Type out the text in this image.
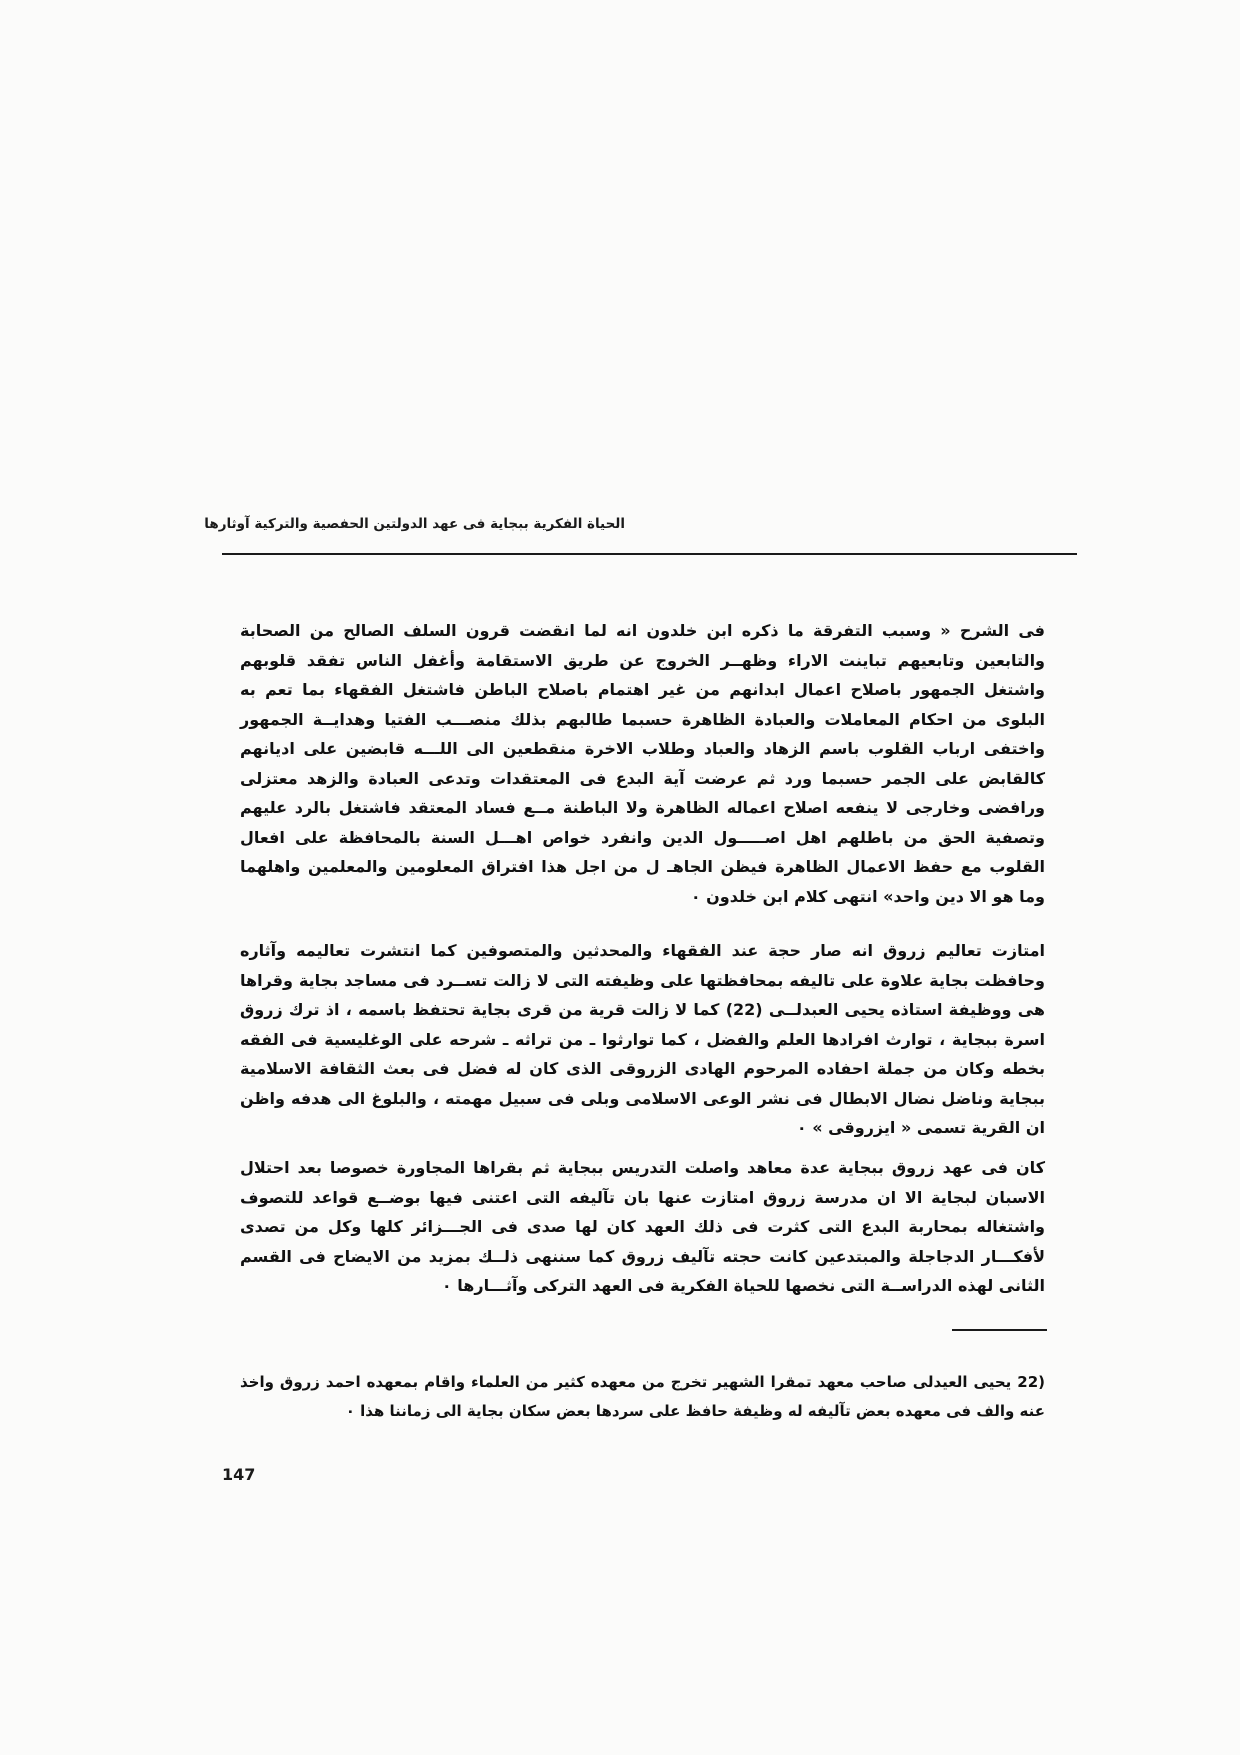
الحياة الفكرية ببجاية فى عهد الدولتين الحفصية والتركية آوثارها

فى الشرح « وسبب التفرقة ما ذكره ابن خلدون انه لما انقضت قرون السلف الصالح من الصحابة والتابعين وتابعيهم تباينت الاراء وظهــر الخروج عن طريق الاستقامة وأغفل الناس تفقد قلوبهم واشتغل الجمهور باصلاح اعمال ابدانهم من غير اهتمام باصلاح الباطن فاشتغل الفقهاء بما تعم به البلوى من احكام المعاملات والعبادة الظاهرة حسبما طالبهم بذلك منصـــب الفتيا وهدايــة الجمهور واختفى ارباب القلوب باسم الزهاد والعباد وطلاب الاخرة منقطعين الى اللـــه قابضين على اديانهم كالقابض على الجمر حسبما ورد ثم عرضت آية البدع فى المعتقدات وتدعى العبادة والزهد معتزلى ورافضى وخارجى لا ينفعه اصلاح اعماله الظاهرة ولا الباطنة مــع فساد المعتقد فاشتغل بالرد عليهم وتصفية الحق من باطلهم اهل اصـــــول الدين وانفرد خواص اهـــل السنة بالمحافظة على افعال القلوب مع حفظ الاعمال الظاهرة فيظن الجاهـ ل من اجل هذا افتراق المعلومين والمعلمين واهلهما وما هو الا دين واحد» انتهى كلام ابن خلدون ٠

امتازت تعاليم زروق انه صار حجة عند الفقهاء والمحدثين والمتصوفين كما انتشرت تعاليمه وآثاره وحافظت بجاية علاوة على تاليفه بمحافظتها على وظيفته التى لا زالت تســرد فى مساجد بجاية وقراها هى ووظيفة استاذه يحيى العبدلــى (22) كما لا زالت قرية من قرى بجاية تحتفظ باسمه ، اذ ترك زروق اسرة ببجاية ، توارث افرادها العلم والفضل ، كما توارثوا ـ من تراثه ـ شرحه على الوغليسية فى الفقه بخطه وكان من جملة احفاده المرحوم الهادى الزروقى الذى كان له فضل فى بعث الثقافة الاسلامية ببجاية وناضل نضال الابطال فى نشر الوعى الاسلامى وبلى فى سبيل مهمته ، والبلوغ الى هدفه واظن ان القرية تسمى « ايزروقى » ٠

كان فى عهد زروق ببجاية عدة معاهد واصلت التدريس ببجاية ثم بقراها المجاورة خصوصا بعد احتلال الاسبان لبجاية الا ان مدرسة زروق امتازت عنها بان تآليفه التى اعتنى فيها بوضــع قواعد للتصوف واشتغاله بمحاربة البدع التى كثرت فى ذلك العهد كان لها صدى فى الجـــزائر كلها وكل من تصدى لأفكـــار الدجاجلة والمبتدعين كانت حجته تآليف زروق كما سننهى ذلــك بمزيد من الايضاح فى القسم الثانى لهذه الدراســة التى نخصها للحياة الفكرية فى العهد التركى وآثـــارها ٠

(22 يحيى العيدلى صاحب معهد تمقرا الشهير تخرج من معهده كثير من العلماء واقام بمعهده احمد زروق واخذ عنه والف فى معهده بعض تآليفه له وظيفة حافظ على سردها بعض سكان بجاية الى زماننا هذا ٠

147
